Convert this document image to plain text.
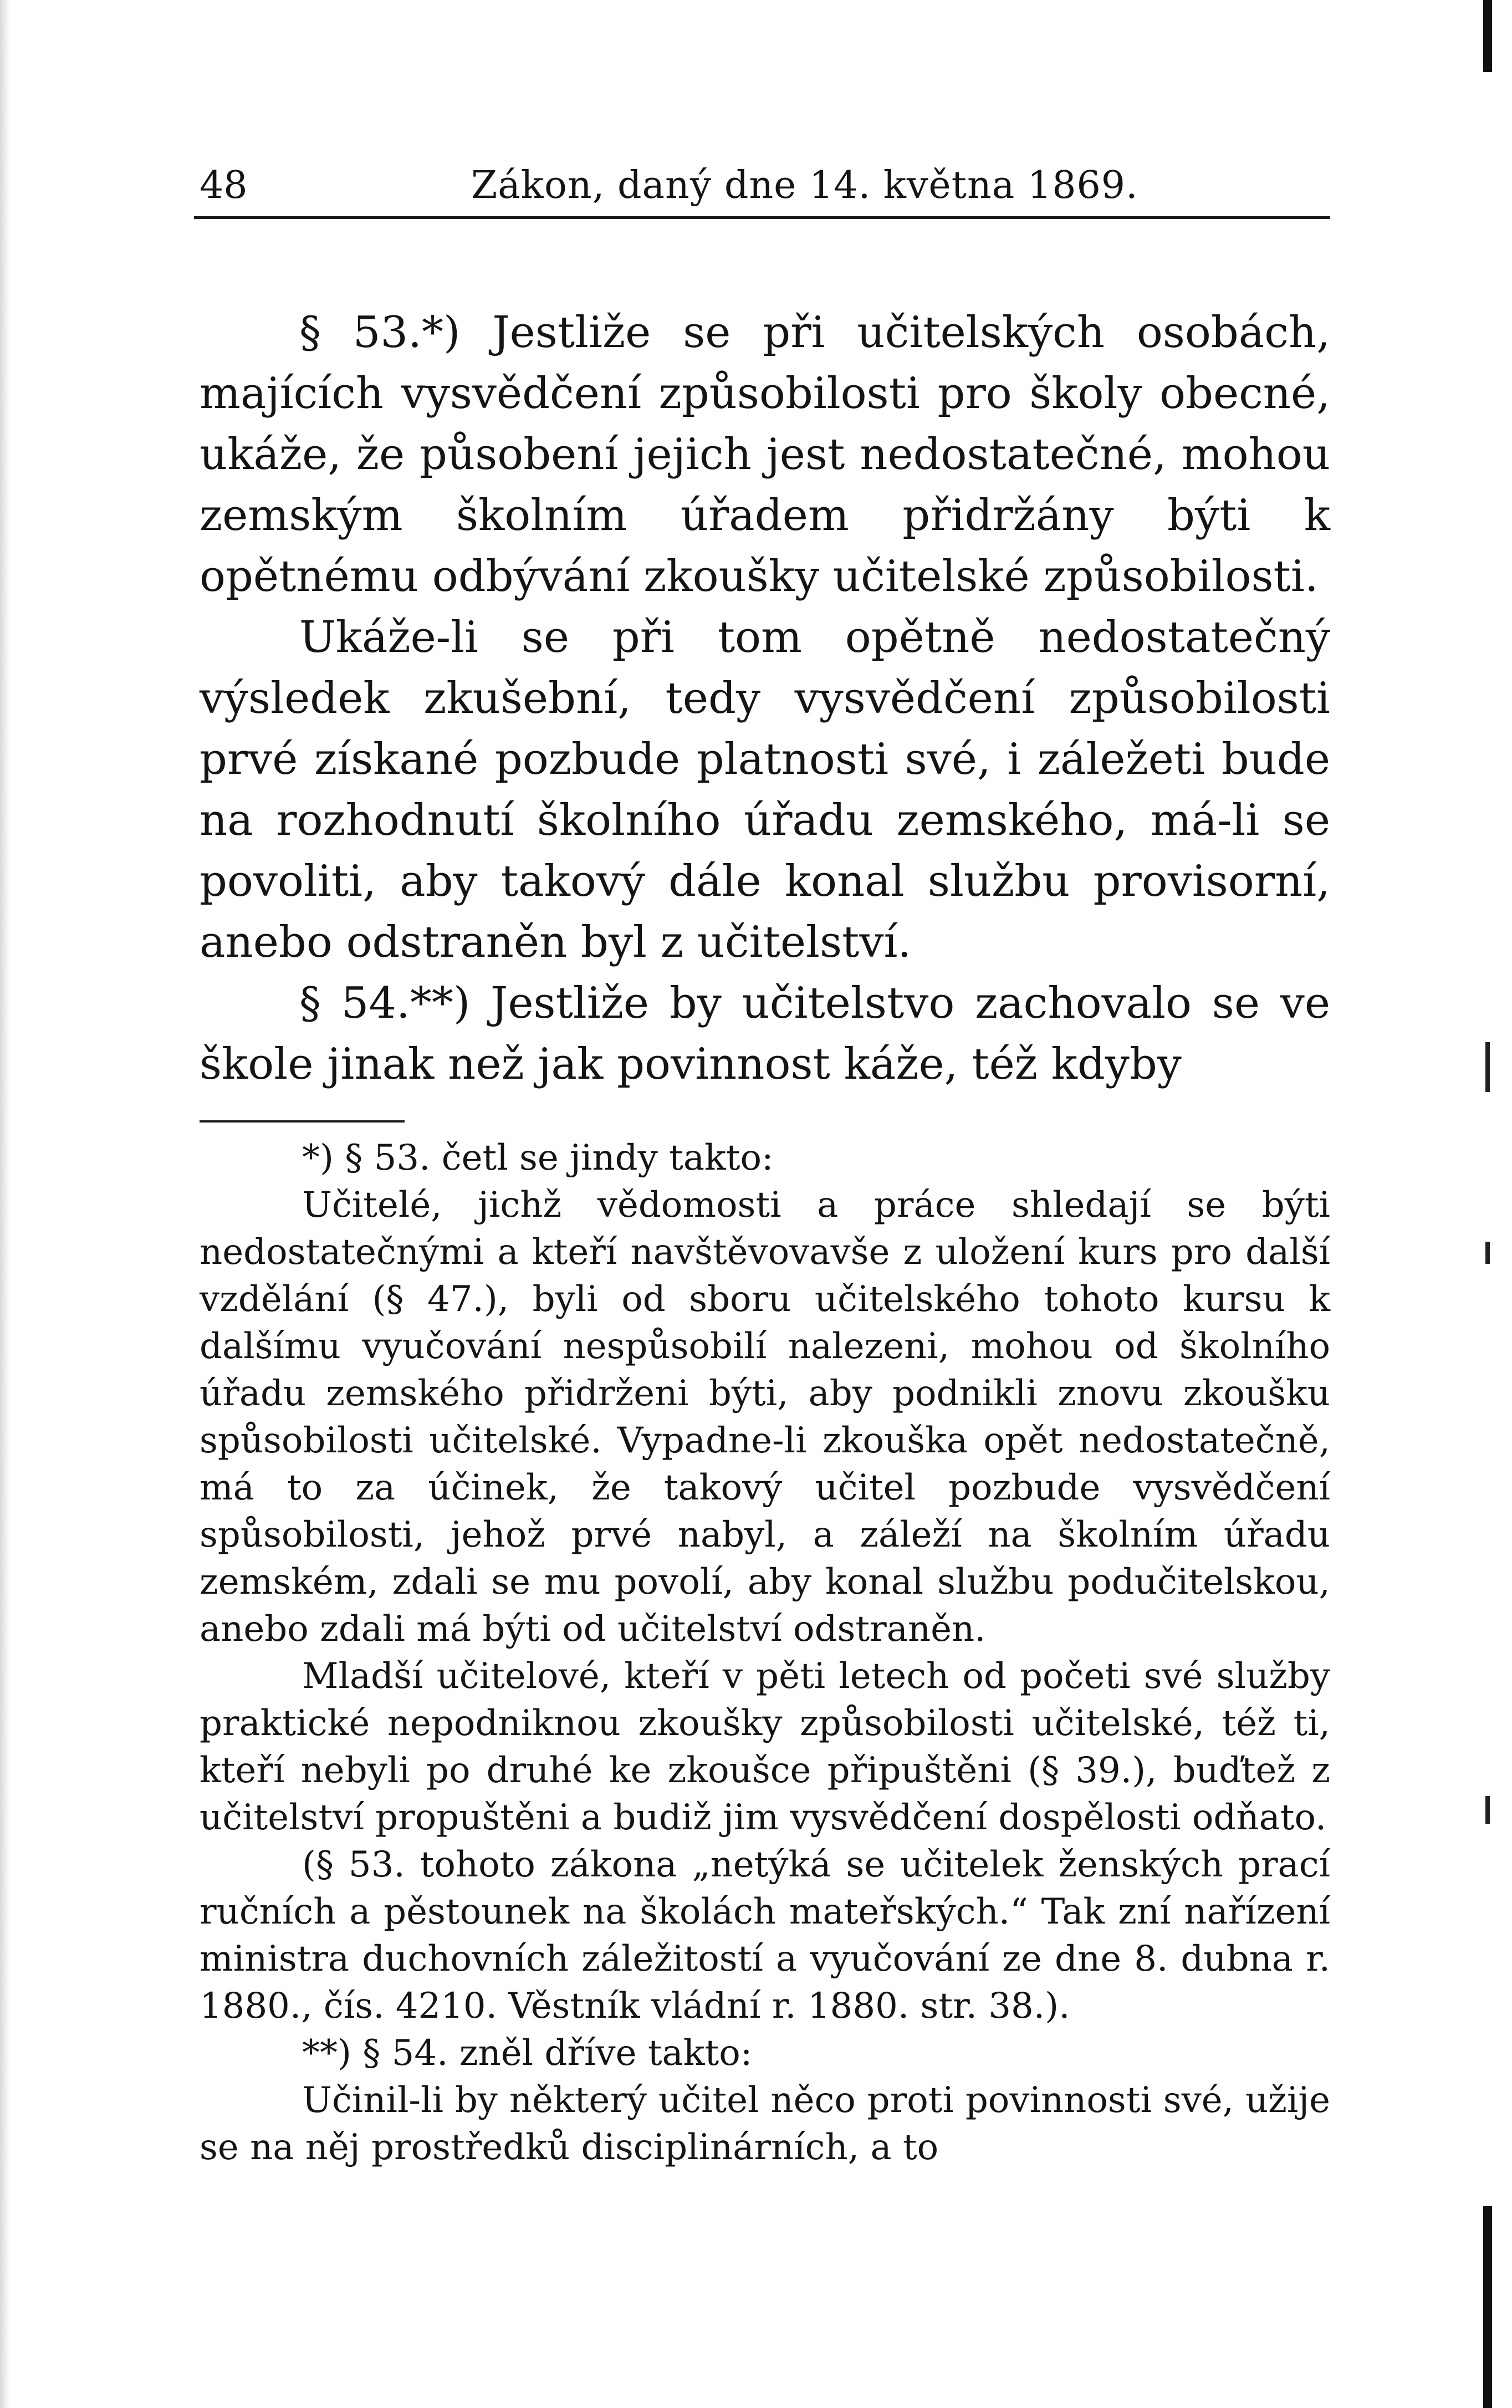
48	Zákon, daný dne 14. května 1869.

§ 53.*) Jestliže se při učitelských osobách, majících vysvědčení způsobilosti pro školy obecné, ukáže, že působení jejich jest nedostatečné, mohou zemským školním úřadem přidržány býti k opětnému odbývání zkoušky učitelské způsobilosti.

Ukáže-li se při tom opětně nedostatečný výsledek zkušební, tedy vysvědčení způsobilosti prvé získané pozbude platnosti své, i záležeti bude na rozhodnutí školního úřadu zemského, má-li se povoliti, aby takový dále konal službu provisorní, anebo odstraněn byl z učitelství.

§ 54.**) Jestliže by učitelstvo zachovalo se ve škole jinak než jak povinnost káže, též kdyby

*) § 53. četl se jindy takto:

Učitelé, jichž vědomosti a práce shledají se býti nedostatečnými a kteří navštěvovavše z uložení kurs pro další vzdělání (§ 47.), byli od sboru učitelského tohoto kursu k dalšímu vyučování nespůsobilí nalezeni, mohou od školního úřadu zemského přidrženi býti, aby podnikli znovu zkoušku spůsobilosti učitelské. Vypadne-li zkouška opět nedostatečně, má to za účinek, že takový učitel pozbude vysvědčení spůsobilosti, jehož prvé nabyl, a záleží na školním úřadu zemském, zdali se mu povolí, aby konal službu podučitelskou, anebo zdali má býti od učitelství odstraněn.

Mladší učitelové, kteří v pěti letech od početi své služby praktické nepodniknou zkoušky způsobilosti učitelské, též ti, kteří nebyli po druhé ke zkoušce připuštěni (§ 39.), buďtež z učitelství propuštěni a budiž jim vysvědčení dospělosti odňato.

(§ 53. tohoto zákona „netýká se učitelek ženských prací ručních a pěstounek na školách mateřských.“ Tak zní nařízení ministra duchovních záležitostí a vyučování ze dne 8. dubna r. 1880., čís. 4210. Věstník vládní r. 1880. str. 38.).

**) § 54. zněl dříve takto:

Učinil-li by některý učitel něco proti povinnosti své, užije se na něj prostředků disciplinárních, a to
